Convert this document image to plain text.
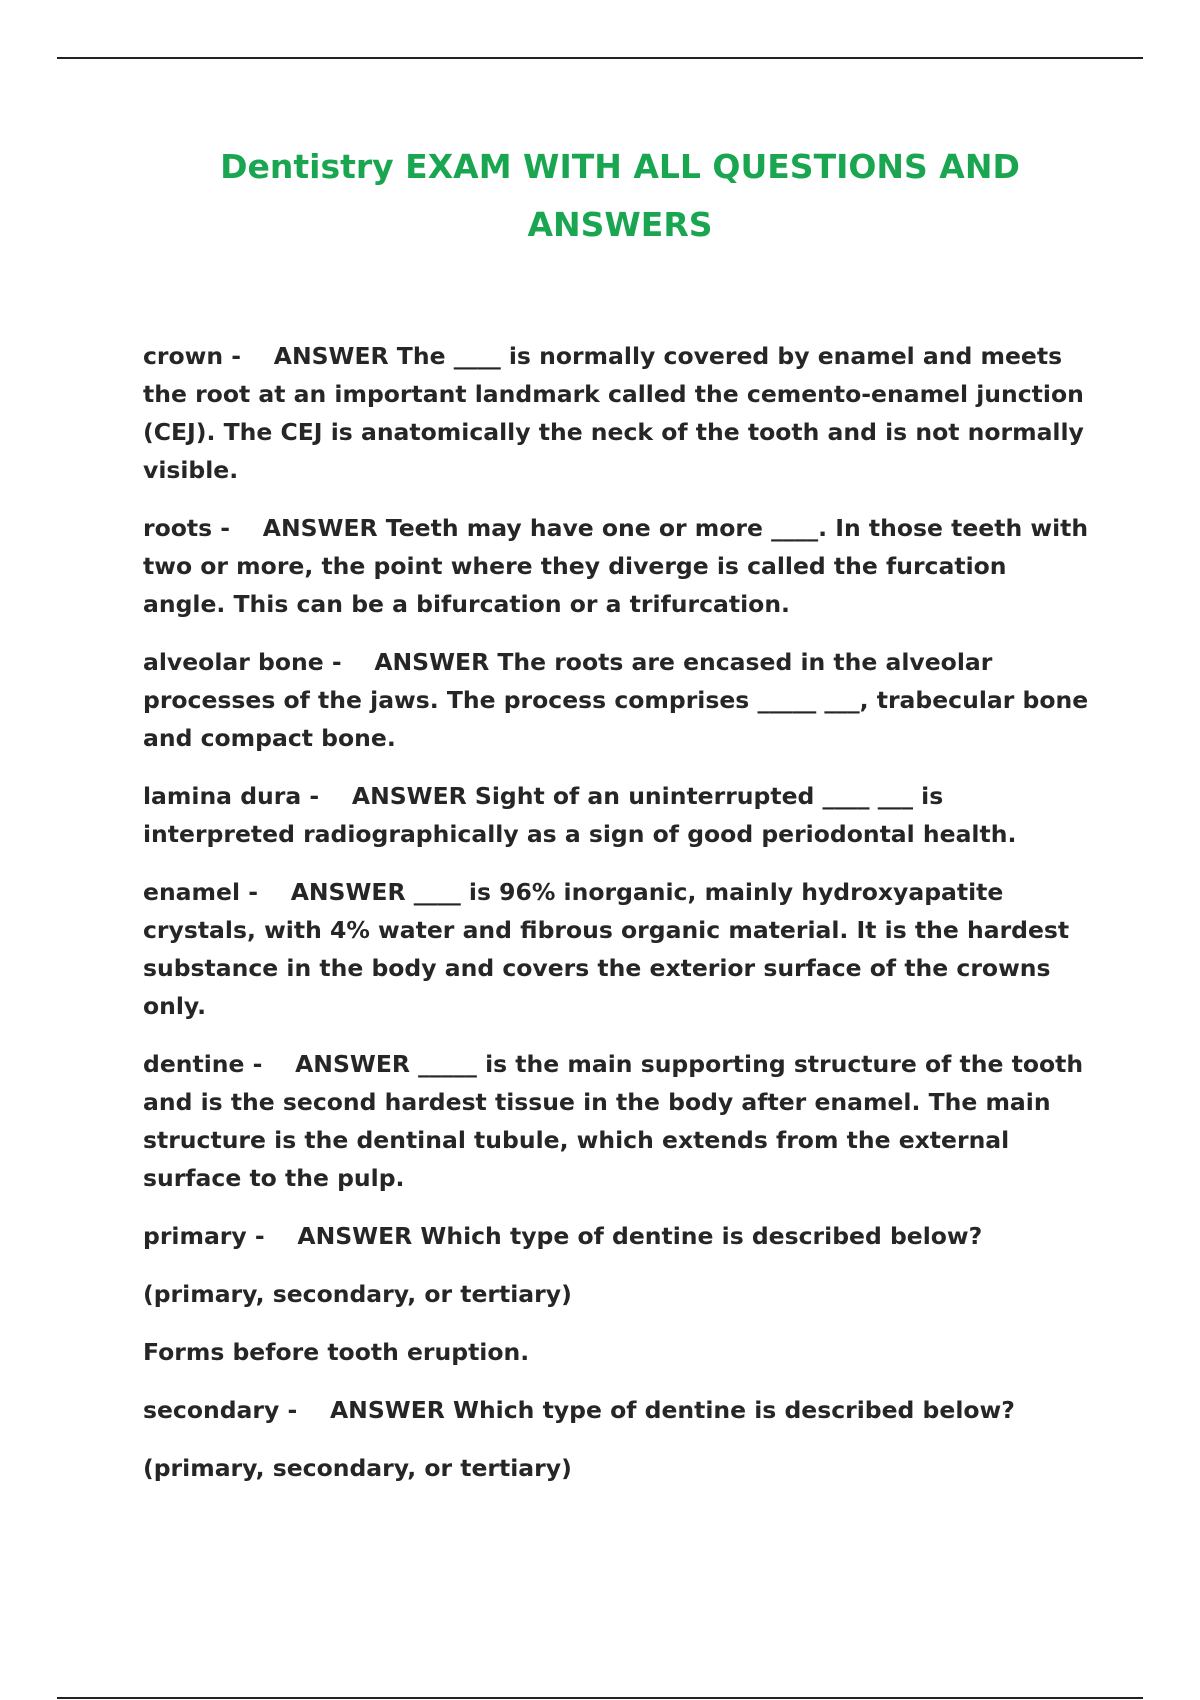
Dentistry EXAM WITH ALL QUESTIONS AND ANSWERS

crown - ANSWER The ____ is normally covered by enamel and meets the root at an important landmark called the cemento-enamel junction (CEJ). The CEJ is anatomically the neck of the tooth and is not normally visible.

roots - ANSWER Teeth may have one or more ____. In those teeth with two or more, the point where they diverge is called the furcation angle. This can be a bifurcation or a trifurcation.

alveolar bone - ANSWER The roots are encased in the alveolar processes of the jaws. The process comprises _____ ___, trabecular bone and compact bone.

lamina dura - ANSWER Sight of an uninterrupted ____ ___ is interpreted radiographically as a sign of good periodontal health.

enamel - ANSWER ____ is 96% inorganic, mainly hydroxyapatite crystals, with 4% water and fibrous organic material. It is the hardest substance in the body and covers the exterior surface of the crowns only.

dentine - ANSWER _____ is the main supporting structure of the tooth and is the second hardest tissue in the body after enamel. The main structure is the dentinal tubule, which extends from the external surface to the pulp.

primary - ANSWER Which type of dentine is described below?

(primary, secondary, or tertiary)

Forms before tooth eruption.

secondary - ANSWER Which type of dentine is described below?

(primary, secondary, or tertiary)
